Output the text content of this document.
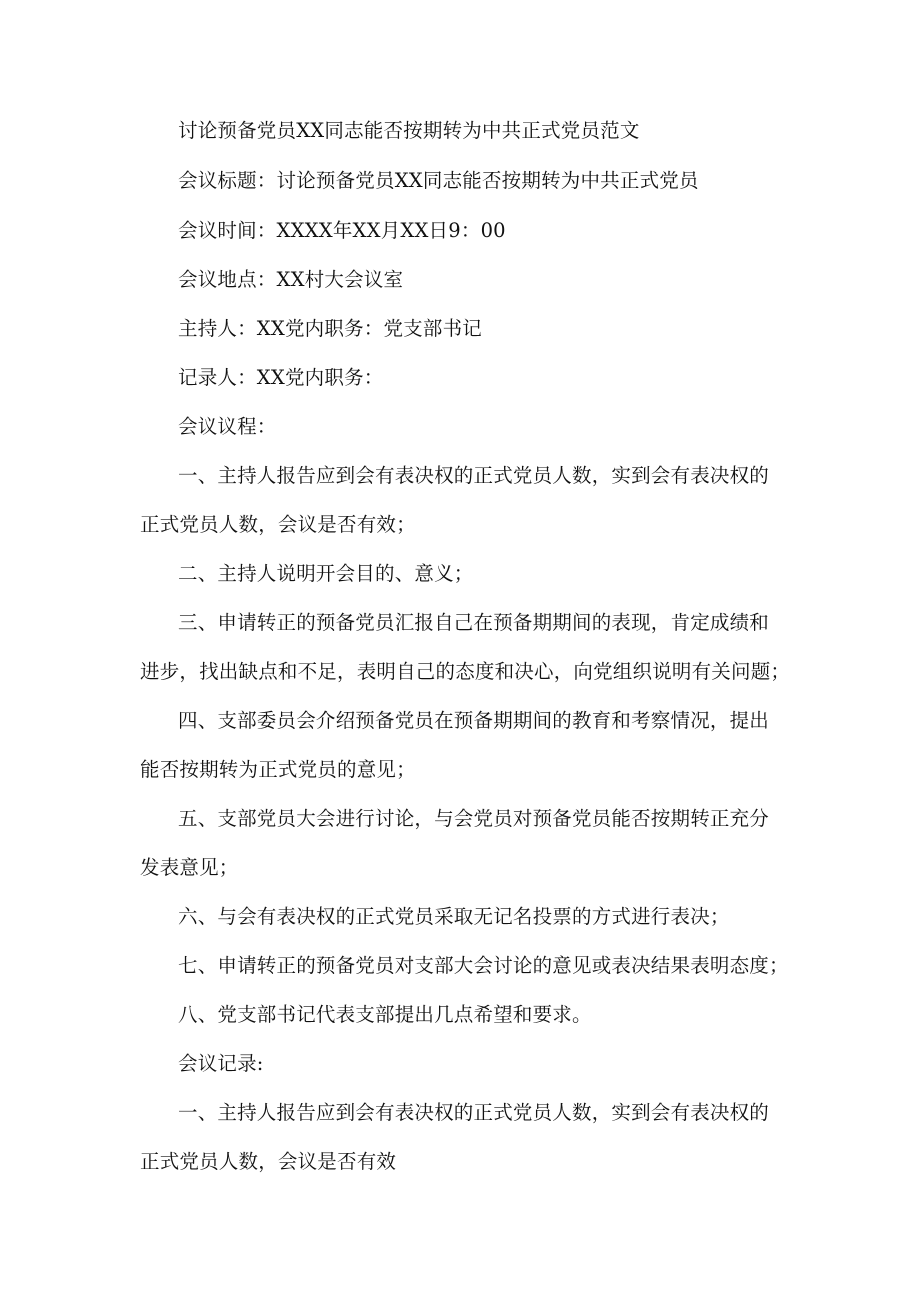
讨论预备党员XX同志能否按期转为中共正式党员范文
会议标题：讨论预备党员XX同志能否按期转为中共正式党员
会议时间：XXXX年XX月XX日9：00
会议地点：XX村大会议室
主持人：XX党内职务：党支部书记
记录人：XX党内职务：
会议议程：
一、主持人报告应到会有表决权的正式党员人数，实到会有表决权的
正式党员人数，会议是否有效；
二、主持人说明开会目的、意义；
三、申请转正的预备党员汇报自己在预备期期间的表现，肯定成绩和
进步，找出缺点和不足，表明自己的态度和决心，向党组织说明有关问题；
四、支部委员会介绍预备党员在预备期期间的教育和考察情况，提出
能否按期转为正式党员的意见；
五、支部党员大会进行讨论，与会党员对预备党员能否按期转正充分
发表意见；
六、与会有表决权的正式党员采取无记名投票的方式进行表决；
七、申请转正的预备党员对支部大会讨论的意见或表决结果表明态度；
八、党支部书记代表支部提出几点希望和要求。
会议记录:
一、主持人报告应到会有表决权的正式党员人数，实到会有表决权的
正式党员人数，会议是否有效
